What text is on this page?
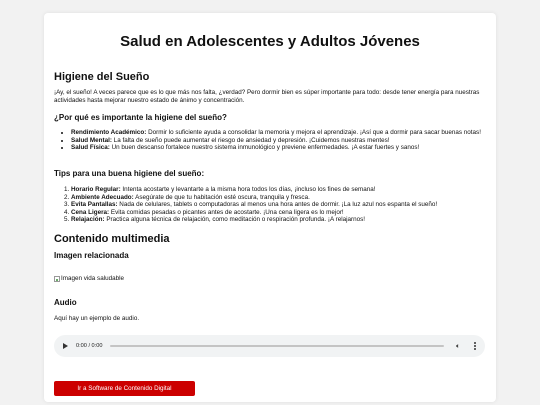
Salud en Adolescentes y Adultos Jóvenes
Higiene del Sueño

¡Ay, el sueño! A veces parece que es lo que más nos falta, ¿verdad? Pero dormir bien es súper importante para todo: desde tener energía para nuestras actividades hasta mejorar nuestro estado de ánimo y concentración.

¿Por qué es importante la higiene del sueño?
• Rendimiento Académico: Dormir lo suficiente ayuda a consolidar la memoria y mejora el aprendizaje. ¡Así que a dormir para sacar buenas notas!
• Salud Mental: La falta de sueño puede aumentar el riesgo de ansiedad y depresión. ¡Cuidemos nuestras mentes!
• Salud Física: Un buen descanso fortalece nuestro sistema inmunológico y previene enfermedades. ¡A estar fuertes y sanos!
Tips para una buena higiene del sueño:
1. Horario Regular: Intenta acostarte y levantarte a la misma hora todos los días, ¡incluso los fines de semana!
2. Ambiente Adecuado: Asegúrate de que tu habitación esté oscura, tranquila y fresca.
3. Evita Pantallas: Nada de celulares, tablets o computadoras al menos una hora antes de dormir. ¡La luz azul nos espanta el sueño!
4. Cena Ligera: Evita comidas pesadas o picantes antes de acostarte. ¡Una cena ligera es lo mejor!
5. Relajación: Practica alguna técnica de relajación, como meditación o respiración profunda. ¡A relajarnos!
Contenido multimedia
Imagen relacionada
Imagen vida saludable
Audio

Aquí hay un ejemplo de audio.

0:00 / 0:00	🔈︎
Ir a Software de Contenido Digital
